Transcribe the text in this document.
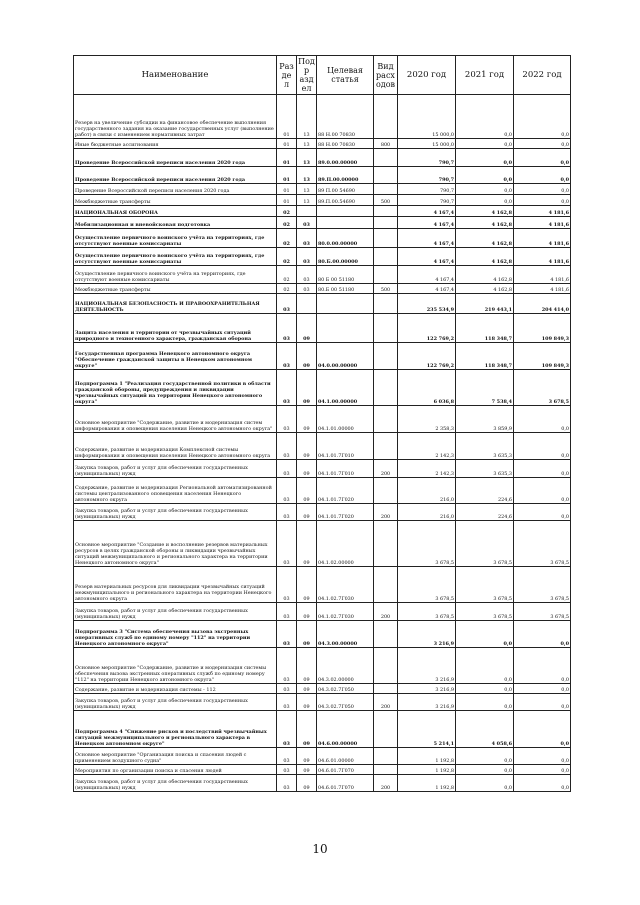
Наименование	Разде л	Подр аздел	Целевая статья	Вид расх одов	2020 год	2021 год	2022 год
Резерв на увеличение субсидии на финансовое обеспечение выполнения государственного задания на оказание государственных услуг (выполнение работ) в связи с изменением нормативных затрат	01	13	88 Н.00 70830		15 000,0	0,0	0,0
Иные бюджетные ассигнования	01	13	88 Н.00 70830	800	15 000,0	0,0	0,0
Проведение Всероссийской переписи населения 2020 года	01	13	89.0.00.00000		790,7	0,0	0,0
Проведение Всероссийской переписи населения 2020 года	01	13	89.П.00.00000		790,7	0,0	0,0
Проведение Всероссийской переписи населения 2020 года	01	13	89 П.00 54690		790,7	0,0	0,0
Межбюджетные трансферты	01	13	89.П.00.54690	500	790,7	0,0	0,0
НАЦИОНАЛЬНАЯ ОБОРОНА	02				4 167,4	4 162,8	4 181,6
Мобилизационная и вневойсковая подготовка	02	03			4 167,4	4 162,8	4 181,6
Осуществление первичного воинского учёта на территориях, где отсутствуют военные комиссариаты	02	03	80.0.00.00000		4 167,4	4 162,8	4 181,6
Осуществление первичного воинского учёта на территориях, где отсутствуют военные комиссариаты	02	03	80.Б.00.00000		4 167,4	4 162,8	4 181,6
Осуществление первичного воинского учёта на территориях, где отсутствуют военные комиссариаты	02	03	80 Б 00 51180		4 167,4	4 162,8	4 181,6
Межбюджетные трансферты	02	03	80.Б 00 51180	500	4 167,4	4 162,8	4 181,6
НАЦИОНАЛЬНАЯ БЕЗОПАСНОСТЬ И ПРАВООХРАНИТЕЛЬНАЯ ДЕЯТЕЛЬНОСТЬ	03				235 534,9	219 443,1	204 414,0
Защита населения и территории от чрезвычайных ситуаций природного и техногенного характера, гражданская оборона	03	09			122 769,2	118 348,7	109 849,3
Государственная программа Ненецкого автономного округа "Обеспечение гражданской защиты в Ненецком автономном округе"	03	09	04.0.00.00000		122 769,2	118 348,7	109 849,3
Подпрограмма 1 "Реализация государственной политики в области гражданской обороны, предупреждения и ликвидации чрезвычайных ситуаций на территории Ненецкого автономного округа"	03	09	04.1.00.00000		6 036,8	7 538,4	3 678,5
Основное мероприятие "Содержание, развитие и модернизация систем информирования и оповещения населения Ненецкого автономного округа"	03	09	04.1.01.00000		2 358,3	3 859,9	0,0
Содержание, развитие и модернизация Комплексной системы информирования и оповещения населения Ненецкого автономного округа	03	09	04.1.01.7Г010		2 142,3	3 635,3	0,0
Закупка товаров, работ и услуг для обеспечения государственных (муниципальных) нужд	03	09	04.1.01.7Г010	200	2 142,3	3 635,3	0,0
Содержание, развитие и модернизация Региональной автоматизированной системы централизованного оповещения населения Ненецкого автономного округа	03	09	04.1.01.7Г020		216,0	224,6	0,0
Закупка товаров, работ и услуг для обеспечения государственных (муниципальных) нужд	03	09	04.1.01.7Г020	200	216,0	224,6	0,0
Основное мероприятие "Создание и восполнение резервов материальных ресурсов в целях гражданской обороны и ликвидации чрезвычайных ситуаций межмуниципального и регионального характера на территории Ненецкого автономного округа"	03	09	04.1.02.00000		3 678,5	3 678,5	3 678,5
Резерв материальных ресурсов для ликвидации чрезвычайных ситуаций межмуниципального и регионального характера на территории Ненецкого автономного округа	03	09	04.1.02.7Г030		3 678,5	3 678,5	3 678,5
Закупка товаров, работ и услуг для обеспечения государственных (муниципальных) нужд	03	09	04.1.02.7Г030	200	3 678,5	3 678,5	3 678,5
Подпрограмма 3 "Система обеспечения вызова экстренных оперативных служб по единому номеру "112" на территории Ненецкого автономного округа"	03	09	04.3.00.00000		3 216,9	0,0	0,0
Основное мероприятие "Содержание, развитие и модернизация системы обеспечения вызова экстренных оперативных служб по единому номеру "112" на территории Ненецкого автономного округа"	03	09	04.3.02.00000		3 216,9	0,0	0,0
Содержание, развитие и модернизация системы - 112	03	09	04.3.02.7Г050		3 216,9	0,0	0,0
Закупка товаров, работ и услуг для обеспечения государственных (муниципальных) нужд	03	09	04.3.02.7Г050	200	3 216,9	0,0	0,0
Подпрограмма 4 "Снижение рисков и последствий чрезвычайных ситуаций межмуниципального и регионального характера в Ненецком автономном округе"	03	09	04.6.00.00000		5 214,1	4 058,6	0,0
Основное мероприятие "Организация поиска и спасения людей с применением воздушного судна"	03	09	04.6.01.00000		1 192,8	0,0	0,0
Мероприятия по организации поиска и спасения людей	03	09	04.6.01.7Г070		1 192,8	0,0	0,0
Закупка товаров, работ и услуг для обеспечения государственных (муниципальных) нужд	03	09	04.6.01.7Г070	200	1 192,8	0,0	0,0
10
